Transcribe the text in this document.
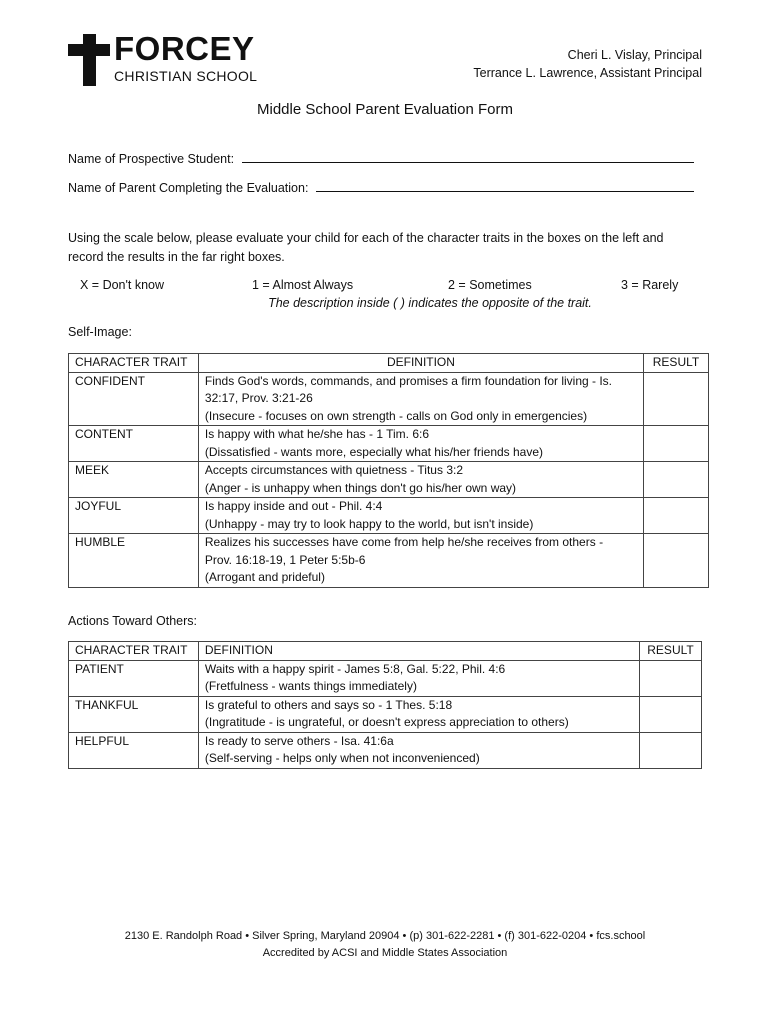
FORCEY
CHRISTIAN SCHOOL
Cheri L. Vislay, Principal
Terrance L. Lawrence, Assistant Principal
Middle School Parent Evaluation Form
Name of Prospective Student:
Name of Parent Completing the Evaluation:
Using the scale below, please evaluate your child for each of the character traits in the boxes on the left and
record the results in the far right boxes.
X = Don't know	1 = Almost Always	2 = Sometimes	3 = Rarely
The description inside ( ) indicates the opposite of the trait.
Self-Image:
CHARACTER TRAIT	DEFINITION	RESULT
CONFIDENT	Finds God's words, commands, and promises a firm foundation for living - Is.
32:17, Prov. 3:21-26
(Insecure - focuses on own strength - calls on God only in emergencies)	

CONTENT	Is happy with what he/she has - 1 Tim. 6:6
(Dissatisfied - wants more, especially what his/her friends have)	

MEEK	Accepts circumstances with quietness - Titus 3:2
(Anger - is unhappy when things don't go his/her own way)	

JOYFUL	Is happy inside and out - Phil. 4:4
(Unhappy - may try to look happy to the world, but isn't inside)	

HUMBLE	Realizes his successes have come from help he/she receives from others -
Prov. 16:18-19, 1 Peter 5:5b-6
(Arrogant and prideful)	

Actions Toward Others:
CHARACTER TRAIT	DEFINITION	RESULT
PATIENT	Waits with a happy spirit - James 5:8, Gal. 5:22, Phil. 4:6
(Fretfulness - wants things immediately)	

THANKFUL	Is grateful to others and says so - 1 Thes. 5:18
(Ingratitude - is ungrateful, or doesn't express appreciation to others)	

HELPFUL	Is ready to serve others - Isa. 41:6a
(Self-serving - helps only when not inconvenienced)	

2130 E. Randolph Road • Silver Spring, Maryland 20904 • (p) 301-622-2281 • (f) 301-622-0204 • fcs.school
Accredited by ACSI and Middle States Association
